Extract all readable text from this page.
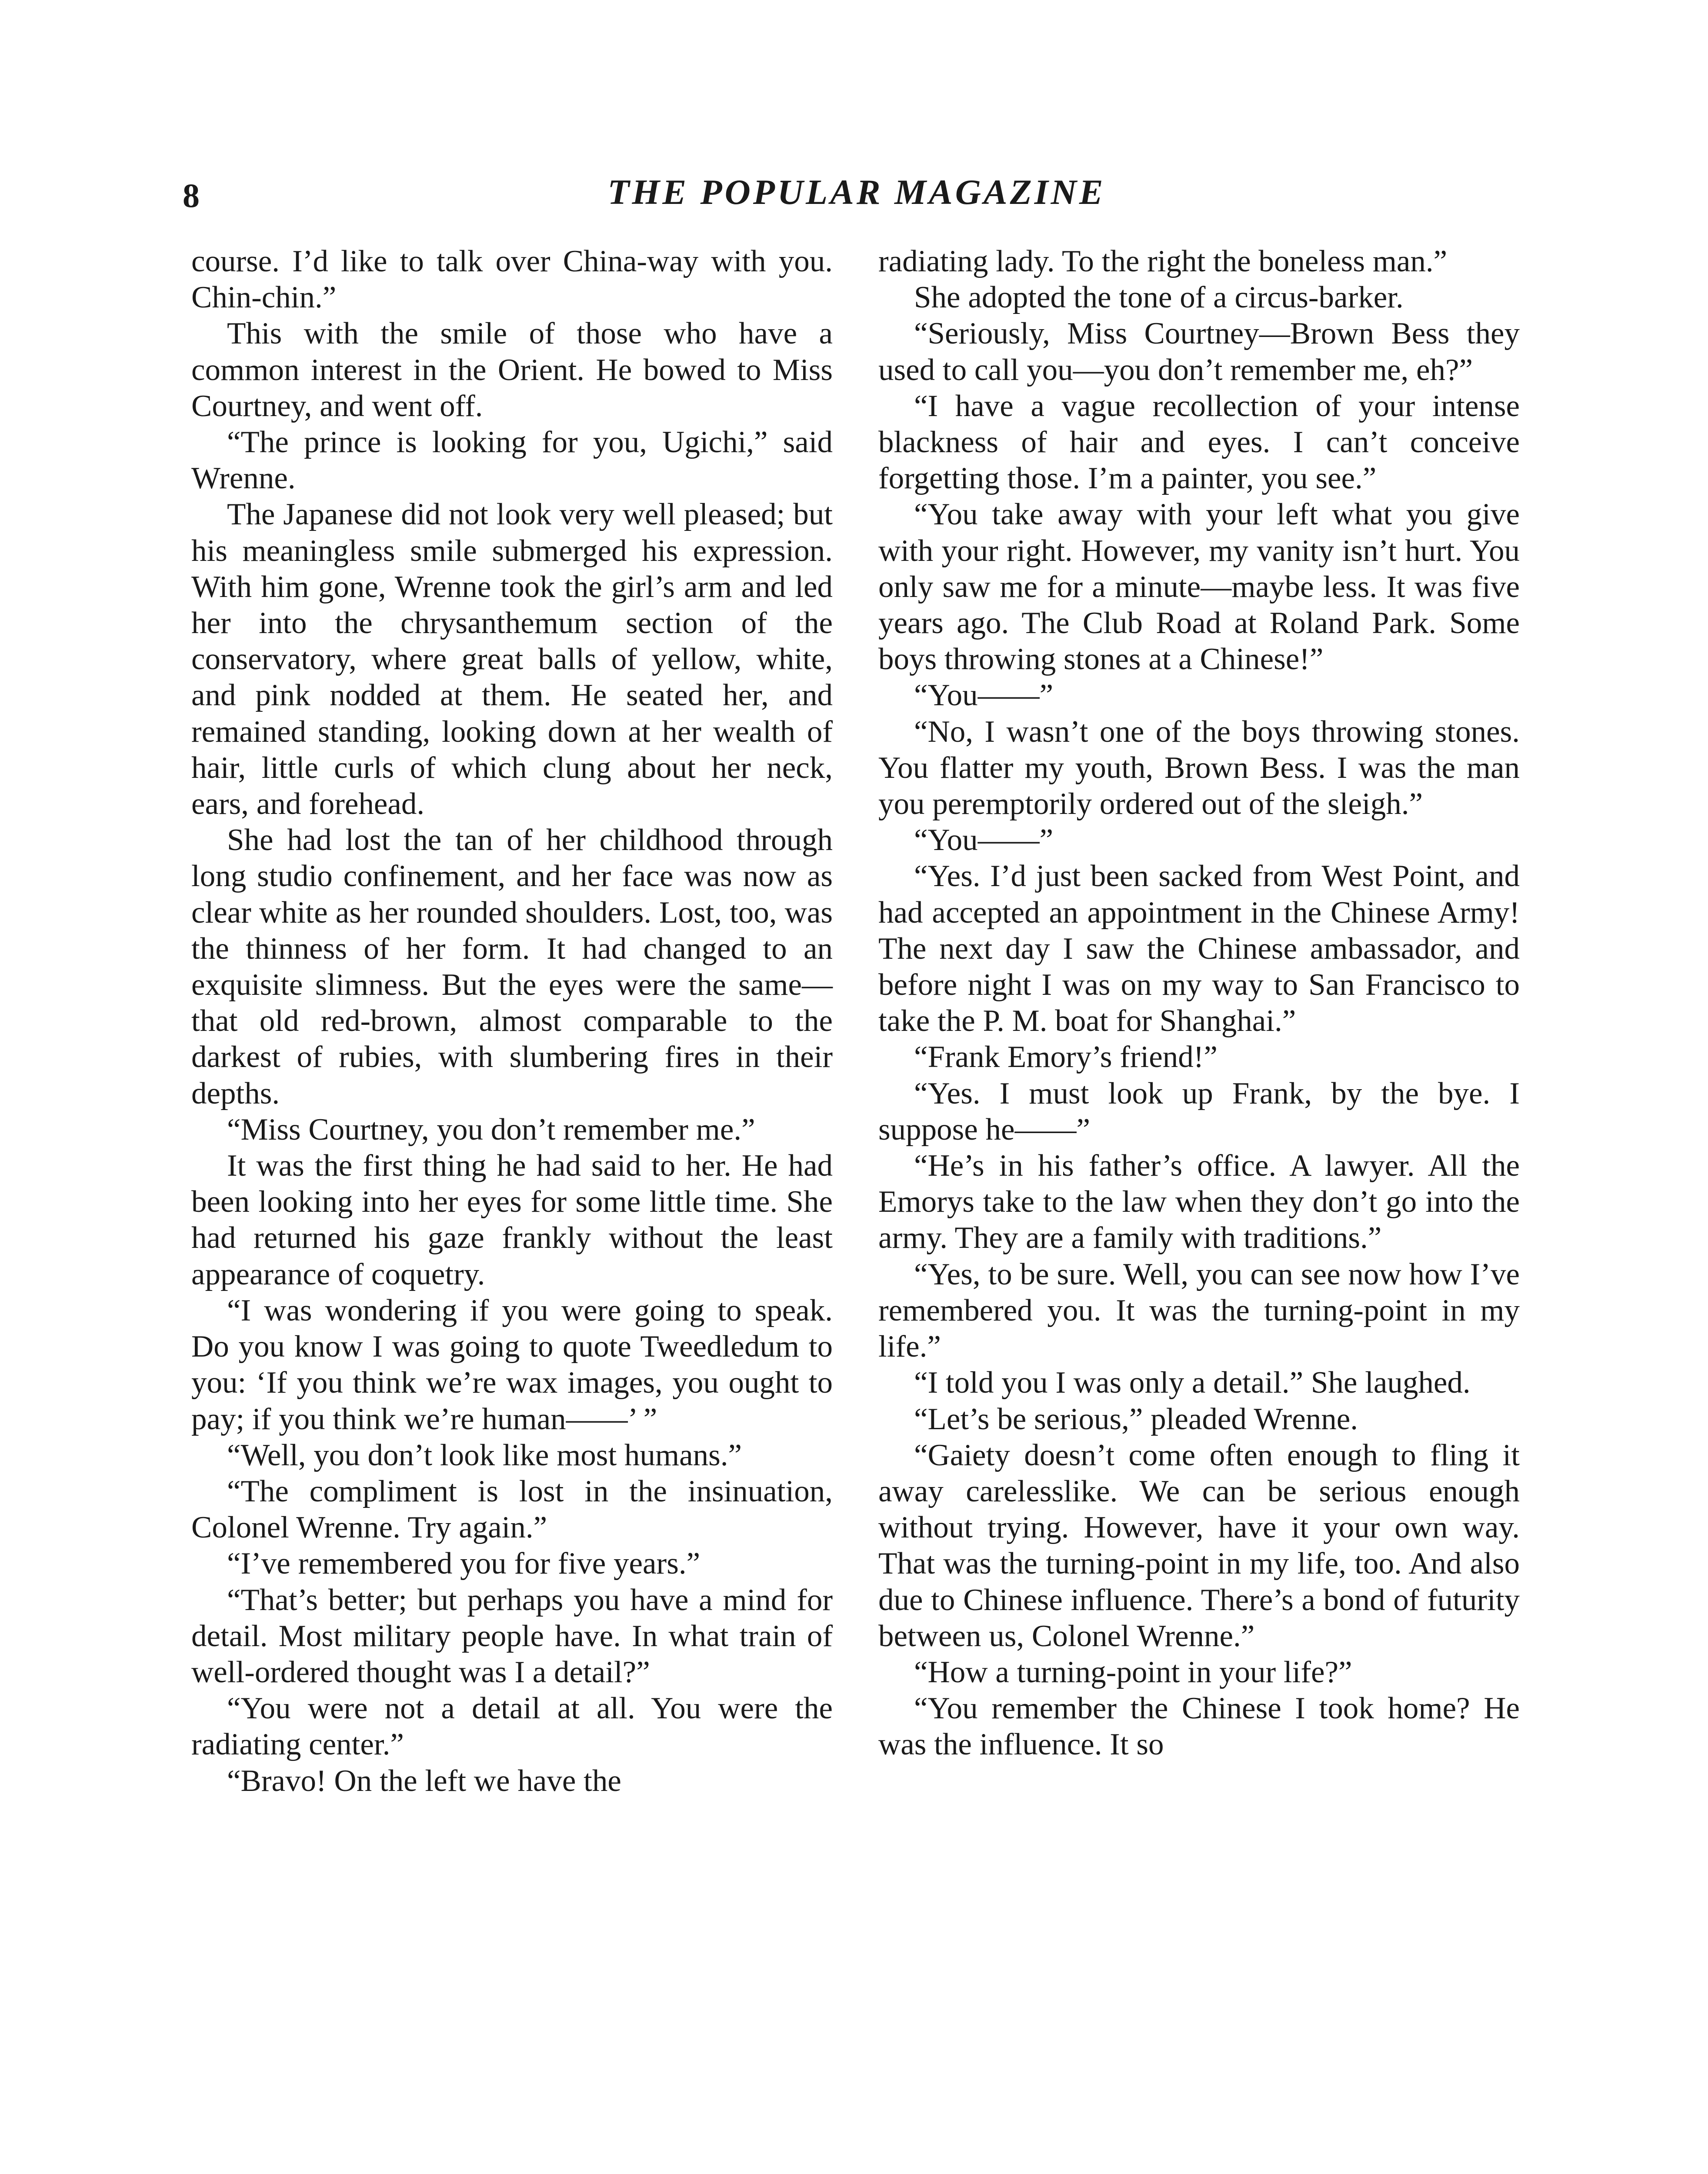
8	THE POPULAR MAGAZINE

course. I’d like to talk over China-way with you. Chin-chin.”

This with the smile of those who have a common interest in the Orient. He bowed to Miss Courtney, and went off.

“The prince is looking for you, Ugichi,” said Wrenne.

The Japanese did not look very well pleased; but his meaningless smile submerged his expression. With him gone, Wrenne took the girl’s arm and led her into the chrysanthemum section of the conservatory, where great balls of yellow, white, and pink nodded at them. He seated her, and remained standing, looking down at her wealth of hair, little curls of which clung about her neck, ears, and forehead.

She had lost the tan of her childhood through long studio confinement, and her face was now as clear white as her rounded shoulders. Lost, too, was the thinness of her form. It had changed to an exquisite slimness. But the eyes were the same—that old red-brown, almost comparable to the darkest of rubies, with slumbering fires in their depths.

“Miss Courtney, you don’t remember me.”

It was the first thing he had said to her. He had been looking into her eyes for some little time. She had returned his gaze frankly without the least appearance of coquetry.

“I was wondering if you were going to speak. Do you know I was going to quote Tweedledum to you: ‘If you think we’re wax images, you ought to pay; if you think we’re human——’ ”

“Well, you don’t look like most humans.”

“The compliment is lost in the insinuation, Colonel Wrenne. Try again.”

“I’ve remembered you for five years.”

“That’s better; but perhaps you have a mind for detail. Most military people have. In what train of well-ordered thought was I a detail?”

“You were not a detail at all. You were the radiating center.”

“Bravo! On the left we have the

radiating lady. To the right the boneless man.”

She adopted the tone of a circus-barker.

“Seriously, Miss Courtney—Brown Bess they used to call you—you don’t remember me, eh?”

“I have a vague recollection of your intense blackness of hair and eyes. I can’t conceive forgetting those. I’m a painter, you see.”

“You take away with your left what you give with your right. However, my vanity isn’t hurt. You only saw me for a minute—maybe less. It was five years ago. The Club Road at Roland Park. Some boys throwing stones at a Chinese!”

“You——”

“No, I wasn’t one of the boys throwing stones. You flatter my youth, Brown Bess. I was the man you peremptorily ordered out of the sleigh.”

“You——”

“Yes. I’d just been sacked from West Point, and had accepted an appointment in the Chinese Army! The next day I saw the Chinese ambassador, and before night I was on my way to San Francisco to take the P. M. boat for Shanghai.”

“Frank Emory’s friend!”

“Yes. I must look up Frank, by the bye. I suppose he——”

“He’s in his father’s office. A lawyer. All the Emorys take to the law when they don’t go into the army. They are a family with traditions.”

“Yes, to be sure. Well, you can see now how I’ve remembered you. It was the turning-point in my life.”

“I told you I was only a detail.” She laughed.

“Let’s be serious,” pleaded Wrenne.

“Gaiety doesn’t come often enough to fling it away carelesslike. We can be serious enough without trying. However, have it your own way. That was the turning-point in my life, too. And also due to Chinese influence. There’s a bond of futurity between us, Colonel Wrenne.”

“How a turning-point in your life?”

“You remember the Chinese I took home? He was the influence. It so
